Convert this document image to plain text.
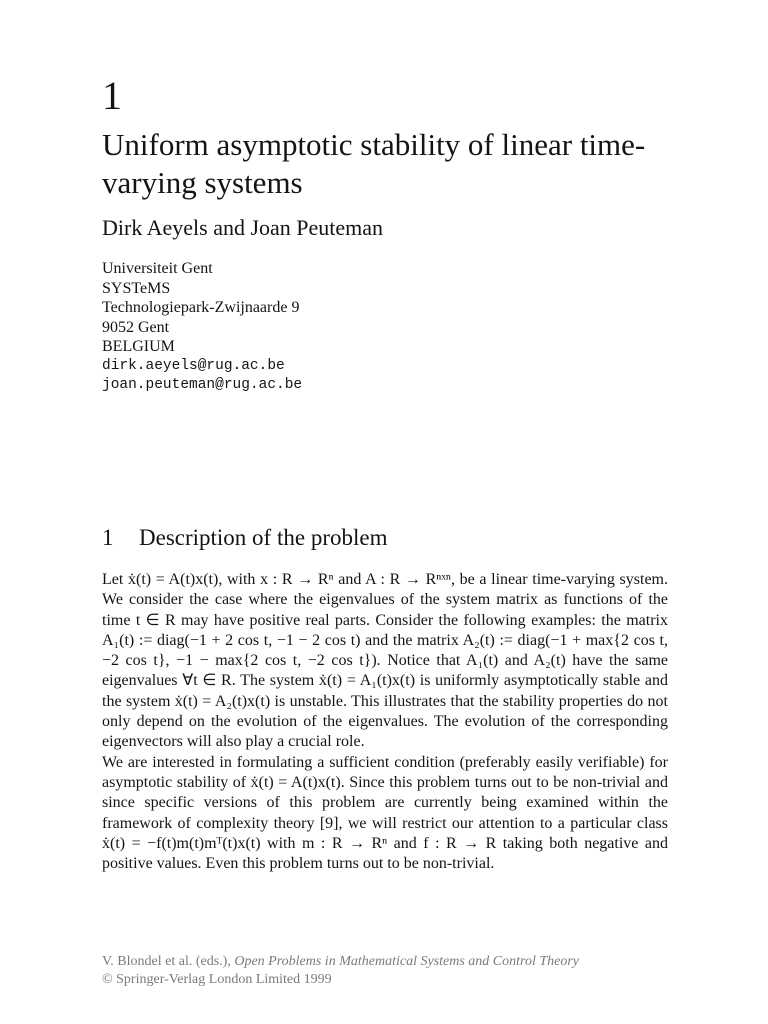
1
Uniform asymptotic stability of linear time-varying systems
Dirk Aeyels and Joan Peuteman
Universiteit Gent
SYSTeMS
Technologiepark-Zwijnaarde 9
9052 Gent
BELGIUM
dirk.aeyels@rug.ac.be
joan.peuteman@rug.ac.be
1 Description of the problem

Let ẋ(t) = A(t)x(t), with x : R → Rⁿ and A : R → Rⁿˣⁿ, be a linear time-varying system. We consider the case where the eigenvalues of the system matrix as functions of the time t ∈ R may have positive real parts. Consider the following examples: the matrix A₁(t) := diag(−1 + 2 cos t, −1 − 2 cos t) and the matrix A₂(t) := diag(−1 + max{2 cos t, −2 cos t}, −1 − max{2 cos t, −2 cos t}). Notice that A₁(t) and A₂(t) have the same eigenvalues ∀t ∈ R. The system ẋ(t) = A₁(t)x(t) is uniformly asymptotically stable and the system ẋ(t) = A₂(t)x(t) is unstable. This illustrates that the stability properties do not only depend on the evolution of the eigenvalues. The evolution of the corresponding eigenvectors will also play a crucial role.

We are interested in formulating a sufficient condition (preferably easily verifiable) for asymptotic stability of ẋ(t) = A(t)x(t). Since this problem turns out to be non-trivial and since specific versions of this problem are currently being examined within the framework of complexity theory [9], we will restrict our attention to a particular class ẋ(t) = −f(t)m(t)mᵀ(t)x(t) with m : R → Rⁿ and f : R → R taking both negative and positive values. Even this problem turns out to be non-trivial.

V. Blondel et al. (eds.), Open Problems in Mathematical Systems and Control Theory
© Springer-Verlag London Limited 1999
